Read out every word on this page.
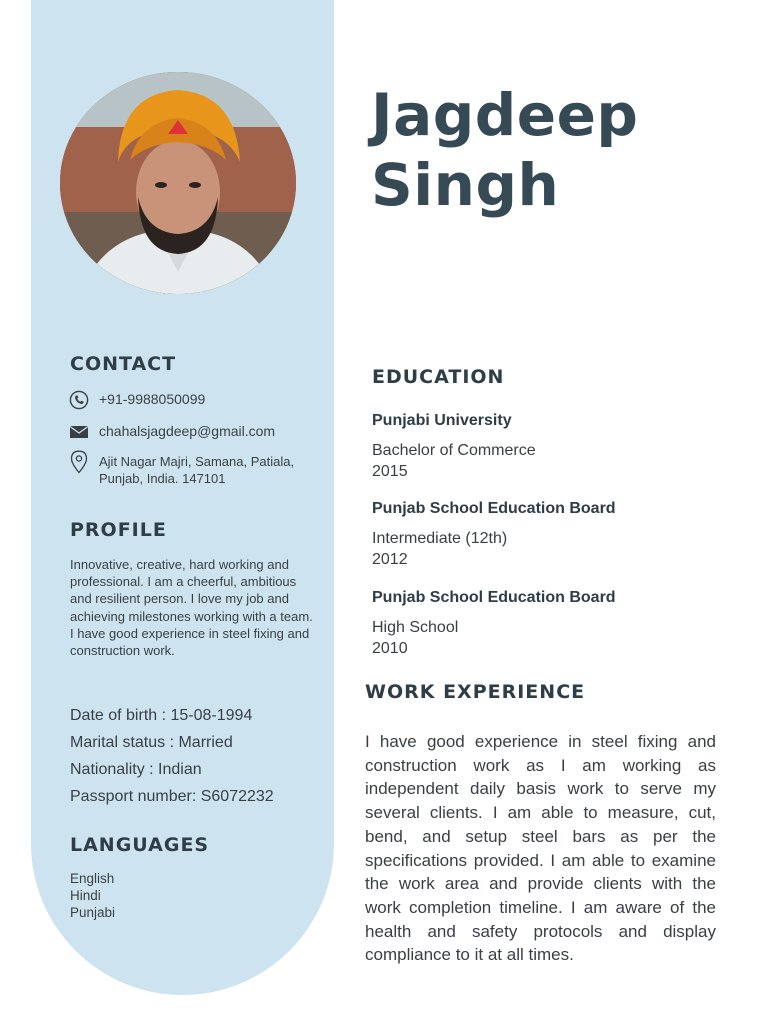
Jagdeep
Singh
CONTACT
+91-9988050099
chahalsjagdeep@gmail.com
Ajit Nagar Majri, Samana, Patiala,
Punjab, India. 147101
PROFILE

Innovative, creative, hard working and professional. I am a cheerful, ambitious and resilient person. I love my job and achieving milestones working with a team. I have good experience in steel fixing and construction work.

Date of birth : 15-08-1994
Marital status : Married
Nationality : Indian
Passport number: S6072232
LANGUAGES
English
Hindi
Punjabi
EDUCATION

Punjabi University

Bachelor of Commerce

2015

Punjab School Education Board

Intermediate (12th)

2012

Punjab School Education Board

High School

2010

WORK EXPERIENCE

I have good experience in steel fixing and construction work as I am working as independent daily basis work to serve my several clients. I am able to measure, cut, bend, and setup steel bars as per the specifications provided. I am able to examine the work area and provide clients with the work completion timeline. I am aware of the health and safety protocols and display compliance to it at all times.
